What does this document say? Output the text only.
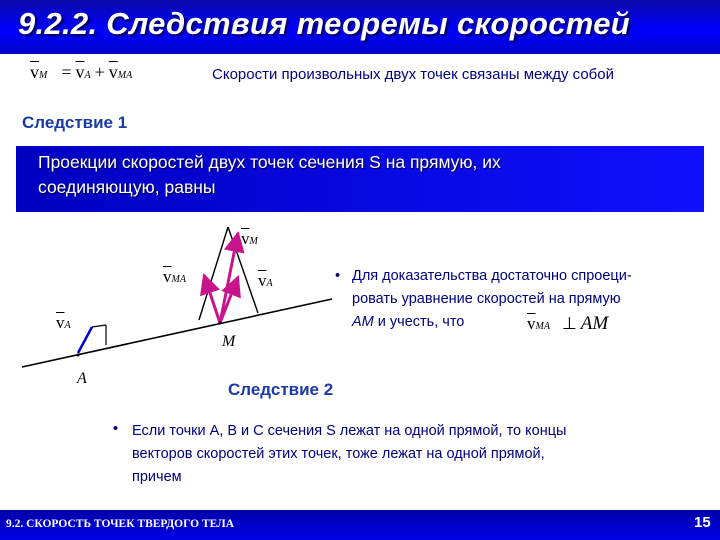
9.2.2. Следствия теоремы скоростей
$\overline{v}M = \overline{v}A + \overline{v}MA$	Скорости произвольных двух точек связаны между собой
Следствие 1
Проекции скоростей двух точек сечения S на прямую, их
соединяющую, равны
$\overline{v}M$
$\overline{v}MA$	$\overline{v}A$
$\overline{v}A$
A
M
• Для доказательства достаточно спроеци-
ровать уравнение скоростей на прямую
AM и учесть, что	$\overline{v}MA$ ⊥ AM
Следствие 2
• Если точки A, B и C сечения S лежат на одной прямой, то концы
векторов скоростей этих точек, тоже лежат на одной прямой,
причем
9.2. СКОРОСТЬ ТОЧЕК ТВЕРДОГО ТЕЛА	15
